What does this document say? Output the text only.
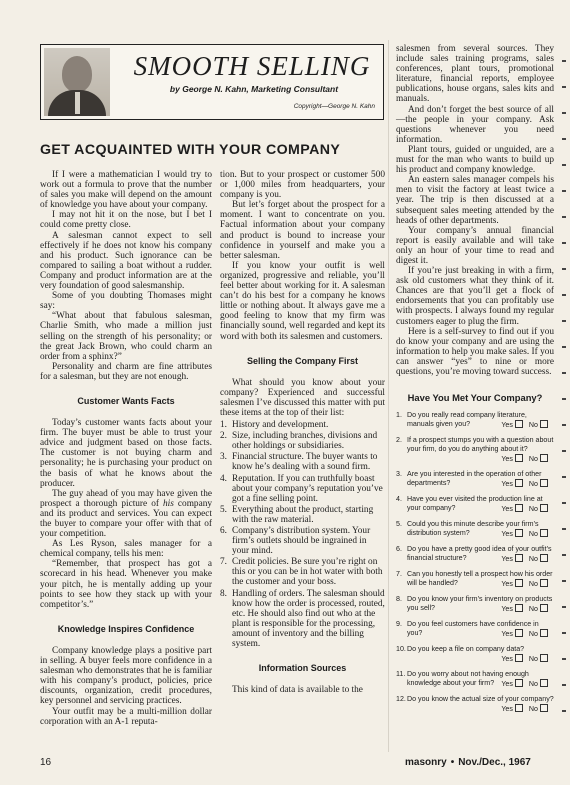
SMOOTH SELLING
by George N. Kahn, Marketing Consultant
Copyright—George N. Kahn
GET ACQUAINTED WITH YOUR COMPANY

If I were a mathematician I would try to work out a formula to prove that the number of sales you make will depend on the amount of knowledge you have about your company.

I may not hit it on the nose, but I bet I could come pretty close.

A salesman cannot expect to sell effectively if he does not know his company and his product. Such ignorance can be compared to sailing a boat without a rudder. Company and product information are at the very foundation of good salesmanship.

Some of you doubting Thomases might say:

“What about that fabulous salesman, Charlie Smith, who made a million just selling on the strength of his personality; or the great Jack Brown, who could charm an order from a sphinx?”

Personality and charm are fine attributes for a salesman, but they are not enough.

Customer Wants Facts

Today’s customer wants facts about your firm. The buyer must be able to trust your advice and judgment based on those facts. The customer is not buying charm and personality; he is purchasing your product on the basis of what he knows about the producer.

The guy ahead of you may have given the prospect a thorough picture of his company and its product and services. You can expect the buyer to compare your offer with that of your competition.

As Les Ryson, sales manager for a chemical company, tells his men:

“Remember, that prospect has got a scorecard in his head. Whenever you make your pitch, he is mentally adding up your points to see how they stack up with your competitor’s.”

Knowledge Inspires Confidence

Company knowledge plays a positive part in selling. A buyer feels more confidence in a salesman who demonstrates that he is familiar with his company’s product, policies, price discounts, organization, credit procedures, key personnel and servicing practices.

Your outfit may be a multi-million dollar corporation with an A-1 reputa-

tion. But to your prospect or customer 500 or 1,000 miles from headquarters, your company is you.

But let’s forget about the prospect for a moment. I want to concentrate on you. Factual information about your company and product is bound to increase your confidence in yourself and make you a better salesman.

If you know your outfit is well organized, progressive and reliable, you’ll feel better about working for it. A salesman can’t do his best for a company he knows little or nothing about. It always gave me a good feeling to know that my firm was financially sound, well regarded and kept its word with both its salesmen and customers.

Selling the Company First

What should you know about your company? Experienced and successful salesmen I’ve discussed this matter with put these items at the top of their list:

1. History and development.
2. Size, including branches, divisions and other holdings or subsidiaries.
3. Financial structure. The buyer wants to know he’s dealing with a sound firm.
4. Reputation. If you can truthfully boast about your company’s reputation you’ve got a fine selling point.
5. Everything about the product, starting with the raw material.
6. Company’s distribution system. Your firm’s outlets should be ingrained in your mind.
7. Credit policies. Be sure you’re right on this or you can be in hot water with both the customer and your boss.
8. Handling of orders. The salesman should know how the order is processed, routed, etc. He should also find out who at the plant is responsible for the processing, amount of inventory and the billing system.
Information Sources

This kind of data is available to the

salesmen from several sources. They include sales training programs, sales conferences, plant tours, promotional literature, financial reports, employee publications, house organs, sales kits and manuals.

And don’t forget the best source of all—the people in your company. Ask questions whenever you need information.

Plant tours, guided or unguided, are a must for the man who wants to build up his product and company knowledge.

An eastern sales manager compels his men to visit the factory at least twice a year. The trip is then discussed at a subsequent sales meeting attended by the heads of other departments.

Your company’s annual financial report is easily available and will take only an hour of your time to read and digest it.

If you’re just breaking in with a firm, ask old customers what they think of it. Chances are that you’ll get a flock of endorsements that you can profitably use with prospects. I always found my regular customers eager to plug the firm.

Here is a self-survey to find out if you do know your company and are using the information to help you make sales. If you can answer “yes” to nine or more questions, you’re moving toward success.

Have You Met Your Company?
1. Do you really read company literature, manuals given you?	Yes No
2. If a prospect stumps you with a question about your firm, do you do anything about it?
Yes No
3. Are you interested in the operation of other departments?	Yes No
4. Have you ever visited the production line at your company?	Yes No
5. Could you this minute describe your firm’s distribution system?	Yes No
6. Do you have a pretty good idea of your outfit’s financial structure?	Yes No
7. Can you honestly tell a prospect how his order will be handled?	Yes No
8. Do you know your firm’s inventory on products you sell?	Yes No
9. Do you feel customers have confidence in you?	Yes No
10. Do you keep a file on company data?
Yes No
11. Do you worry about not having enough knowledge about your firm? Yes No
12. Do you know the actual size of your company?
Yes No
16	masonry • Nov./Dec., 1967
